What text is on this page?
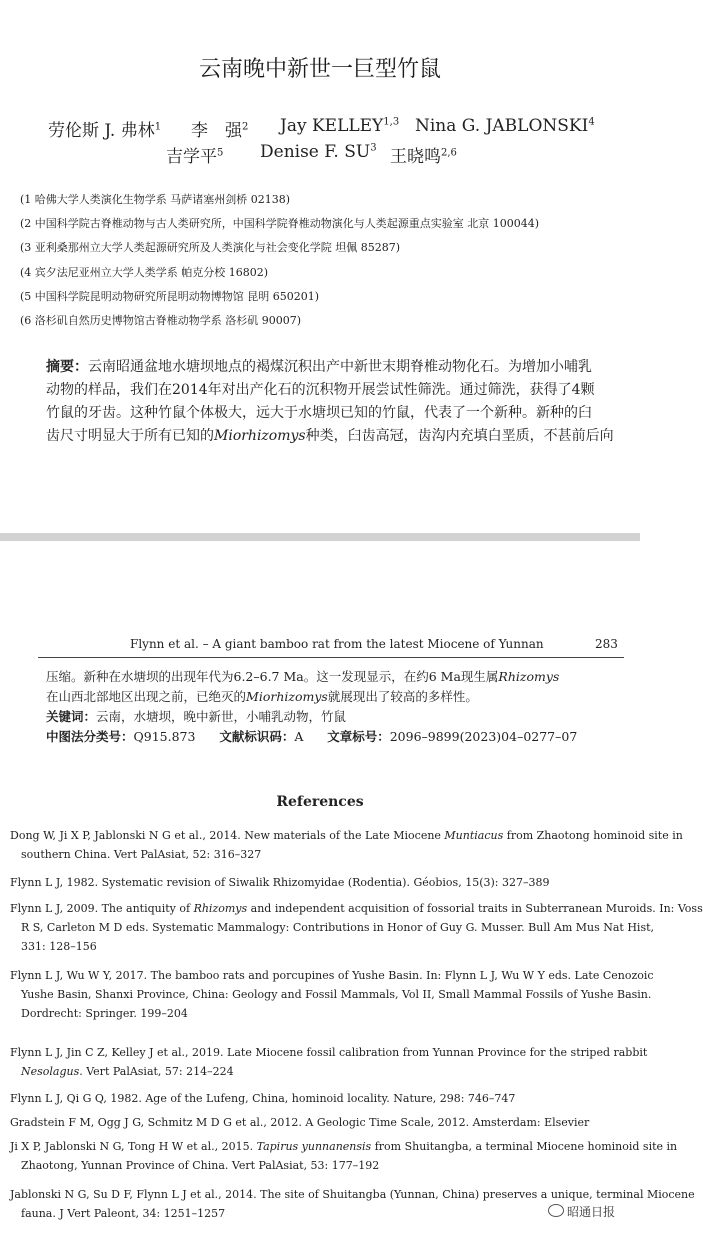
云南晚中新世一巨型竹鼠
劳伦斯 J. 弗林$^1$ 李　强$^2$ Jay KELLEY$^{1,3}$ Nina G. JABLONSKI$^4$
吉学平$^5$ Denise F. $SU^3$ 王晓鸣$^{2,6}$
(1 哈佛大学人类演化生物学系 马萨诸塞州剑桥 02138)
(2 中国科学院古脊椎动物与古人类研究所，中国科学院脊椎动物演化与人类起源重点实验室 北京 100044)
(3 亚利桑那州立大学人类起源研究所及人类演化与社会变化学院 坦佩 85287)
(4 宾夕法尼亚州立大学人类学系 帕克分校 16802)
(5 中国科学院昆明动物研究所昆明动物博物馆 昆明 650201)
(6 洛杉矶自然历史博物馆古脊椎动物学系 洛杉矶 90007)

摘要：云南昭通盆地水塘坝地点的褐煤沉积出产中新世末期脊椎动物化石。为增加小哺乳

动物的样品，我们在2014年对出产化石的沉积物开展尝试性筛洗。通过筛洗，获得了4颗

竹鼠的牙齿。这种竹鼠个体极大，远大于水塘坝已知的竹鼠，代表了一个新种。新种的臼

齿尺寸明显大于所有已知的Miorhizomys种类，臼齿高冠，齿沟内充填白垩质，不甚前后向

Flynn et al. – A giant bamboo rat from the latest Miocene of Yunnan	283

压缩。新种在水塘坝的出现年代为6.2–6.7 Ma。这一发现显示，在约6 Ma现生属Rhizomys

在山西北部地区出现之前，已绝灭的Miorhizomys就展现出了较高的多样性。

关键词：云南，水塘坝，晚中新世，小哺乳动物，竹鼠

中图法分类号：Q915.873 文献标识码：A 文章标号：2096–9899(2023)04–0277–07

References

Dong W, Ji X P, Jablonski N G et al., 2014. New materials of the Late Miocene Muntiacus from Zhaotong hominoid site in

southern China. Vert PalAsiat, 52: 316–327

Flynn L J, 1982. Systematic revision of Siwalik Rhizomyidae (Rodentia). Géobios, 15(3): 327–389

Flynn L J, 2009. The antiquity of Rhizomys and independent acquisition of fossorial traits in Subterranean Muroids. In: Voss

R S, Carleton M D eds. Systematic Mammalogy: Contributions in Honor of Guy G. Musser. Bull Am Mus Nat Hist,

331: 128–156

Flynn L J, Wu W Y, 2017. The bamboo rats and porcupines of Yushe Basin. In: Flynn L J, Wu W Y eds. Late Cenozoic

Yushe Basin, Shanxi Province, China: Geology and Fossil Mammals, Vol II, Small Mammal Fossils of Yushe Basin.

Dordrecht: Springer. 199–204

Flynn L J, Jin C Z, Kelley J et al., 2019. Late Miocene fossil calibration from Yunnan Province for the striped rabbit

Nesolagus. Vert PalAsiat, 57: 214–224

Flynn L J, Qi G Q, 1982. Age of the Lufeng, China, hominoid locality. Nature, 298: 746–747

Gradstein F M, Ogg J G, Schmitz M D G et al., 2012. A Geologic Time Scale, 2012. Amsterdam: Elsevier

Ji X P, Jablonski N G, Tong H W et al., 2015. Tapirus yunnanensis from Shuitangba, a terminal Miocene hominoid site in

Zhaotong, Yunnan Province of China. Vert PalAsiat, 53: 177–192

Jablonski N G, Su D F, Flynn L J et al., 2014. The site of Shuitangba (Yunnan, China) preserves a unique, terminal Miocene

fauna. J Vert Paleont, 34: 1251–1257	昭通日报
